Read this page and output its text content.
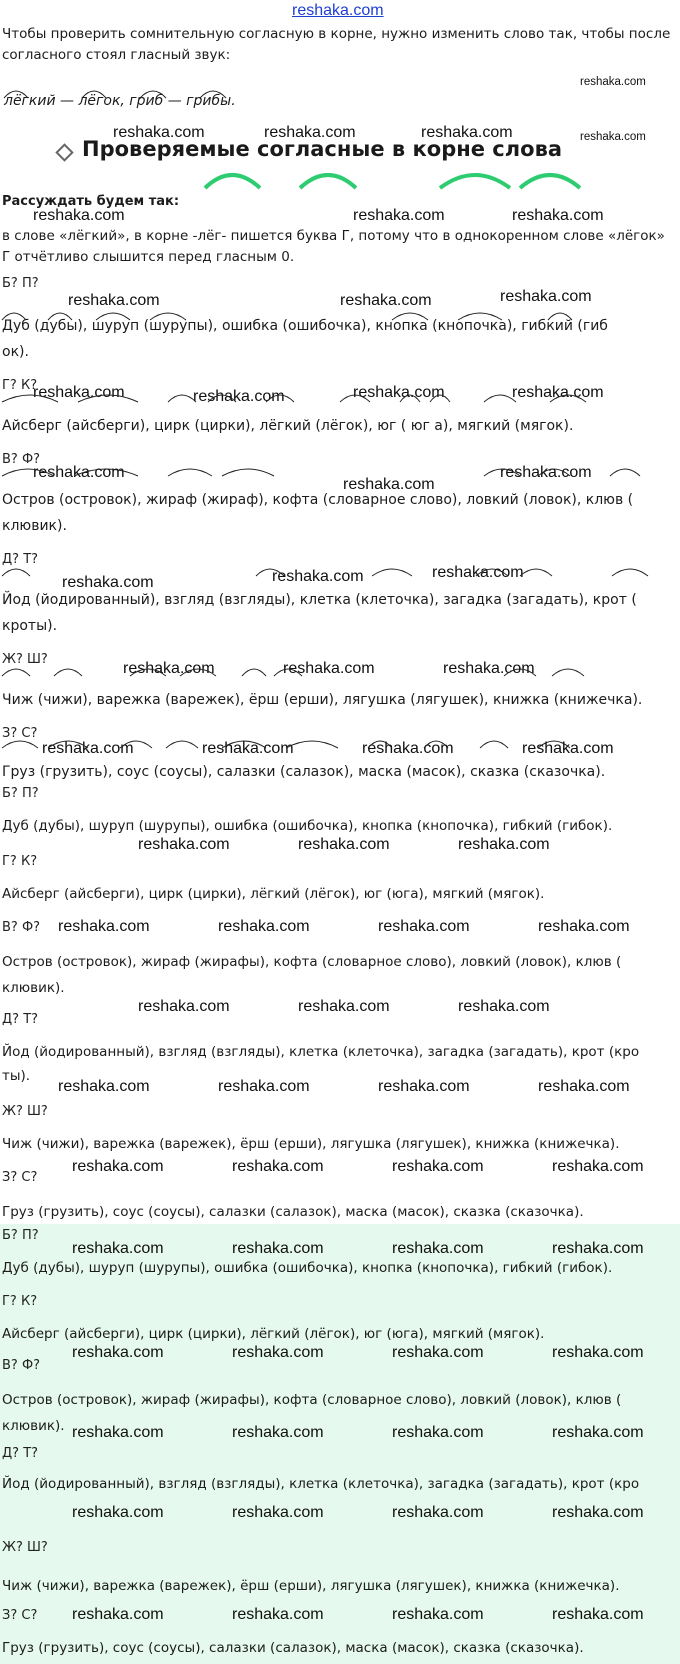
reshaka.com
Чтобы проверить сомнительную согласную в корне, нужно изменить слово так, чтобы после согласного стоял гласный звук:
reshaka.com
лёгкий — лёгок, гриб — грибы.
reshaka.com	reshaka.com	reshaka.com	reshaka.com
Проверяемые согласные в корне слова
Рассуждать будем так:
reshaka.com	reshaka.com	reshaka.com
в слове «лёгкий», в корне -лёг- пишется буква Г, потому что в однокоренном слове «лёгок» Г отчётливо слышится перед гласным 0.
Б? П?
reshaka.com	reshaka.com	reshaka.com
Дуб (дубы), шуруп (шурупы), ошибка (ошибочка), кнопка (кнопочка), гибкий (гиб
ок).
Г? К?
reshaka.com	reshaka.com	reshaka.com	reshaka.com
Айсберг (айсберги), цирк (цирки), лёгкий (лёгок), юг ( юг а), мягкий (мягок).
В? Ф?
reshaka.com
reshaka.com
reshaka.com
Остров (островок), жираф (жираф), кофта (словарное слово), ловкий (ловок), клюв (
клювик).
Д? Т?
reshaka.com	reshaka.com	reshaka.com
Йод (йодированный), взгляд (взгляды), клетка (клеточка), загадка (загадать), крот (
кроты).
Ж? Ш?
reshaka.com	reshaka.com	reshaka.com
Чиж (чижи), варежка (варежек), ёрш (ерши), лягушка (лягушек), книжка (книжечка).
З? С?
reshaka.com	reshaka.com	reshaka.com	reshaka.com
Груз (грузить), соус (соусы), салазки (салазок), маска (масок), сказка (сказочка).
Б? П?
Дуб (дубы), шуруп (шурупы), ошибка (ошибочка), кнопка (кнопочка), гибкий (гибок).
reshaka.com	reshaka.com	reshaka.com
Г? К?
Айсберг (айсберги), цирк (цирки), лёгкий (лёгок), юг (юга), мягкий (мягок).
В? Ф? reshaka.com	reshaka.com	reshaka.com	reshaka.com
Остров (островок), жираф (жирафы), кофта (словарное слово), ловкий (ловок), клюв (
клювик).
reshaka.com	reshaka.com	reshaka.com
Д? Т?
Йод (йодированный), взгляд (взгляды), клетка (клеточка), загадка (загадать), крот (кро
ты).
reshaka.com	reshaka.com	reshaka.com	reshaka.com
Ж? Ш?
Чиж (чижи), варежка (варежек), ёрш (ерши), лягушка (лягушек), книжка (книжечка).
reshaka.com	reshaka.com	reshaka.com	reshaka.com
З? С?
Груз (грузить), соус (соусы), салазки (салазок), маска (масок), сказка (сказочка).
Б? П?
reshaka.com	reshaka.com	reshaka.com	reshaka.com
Дуб (дубы), шуруп (шурупы), ошибка (ошибочка), кнопка (кнопочка), гибкий (гибок).
Г? К?
Айсберг (айсберги), цирк (цирки), лёгкий (лёгок), юг (юга), мягкий (мягок).
reshaka.com	reshaka.com	reshaka.com	reshaka.com
В? Ф?
Остров (островок), жираф (жирафы), кофта (словарное слово), ловкий (ловок), клюв (
клювик). reshaka.com	reshaka.com	reshaka.com	reshaka.com
Д? Т?
Йод (йодированный), взгляд (взгляды), клетка (клеточка), загадка (загадать), крот (кро
reshaka.com	reshaka.com	reshaka.com	reshaka.com
Ж? Ш?
Чиж (чижи), варежка (варежек), ёрш (ерши), лягушка (лягушек), книжка (книжечка).
reshaka.com	reshaka.com	reshaka.com	reshaka.com
З? С?
Груз (грузить), соус (соусы), салазки (салазок), маска (масок), сказка (сказочка).
